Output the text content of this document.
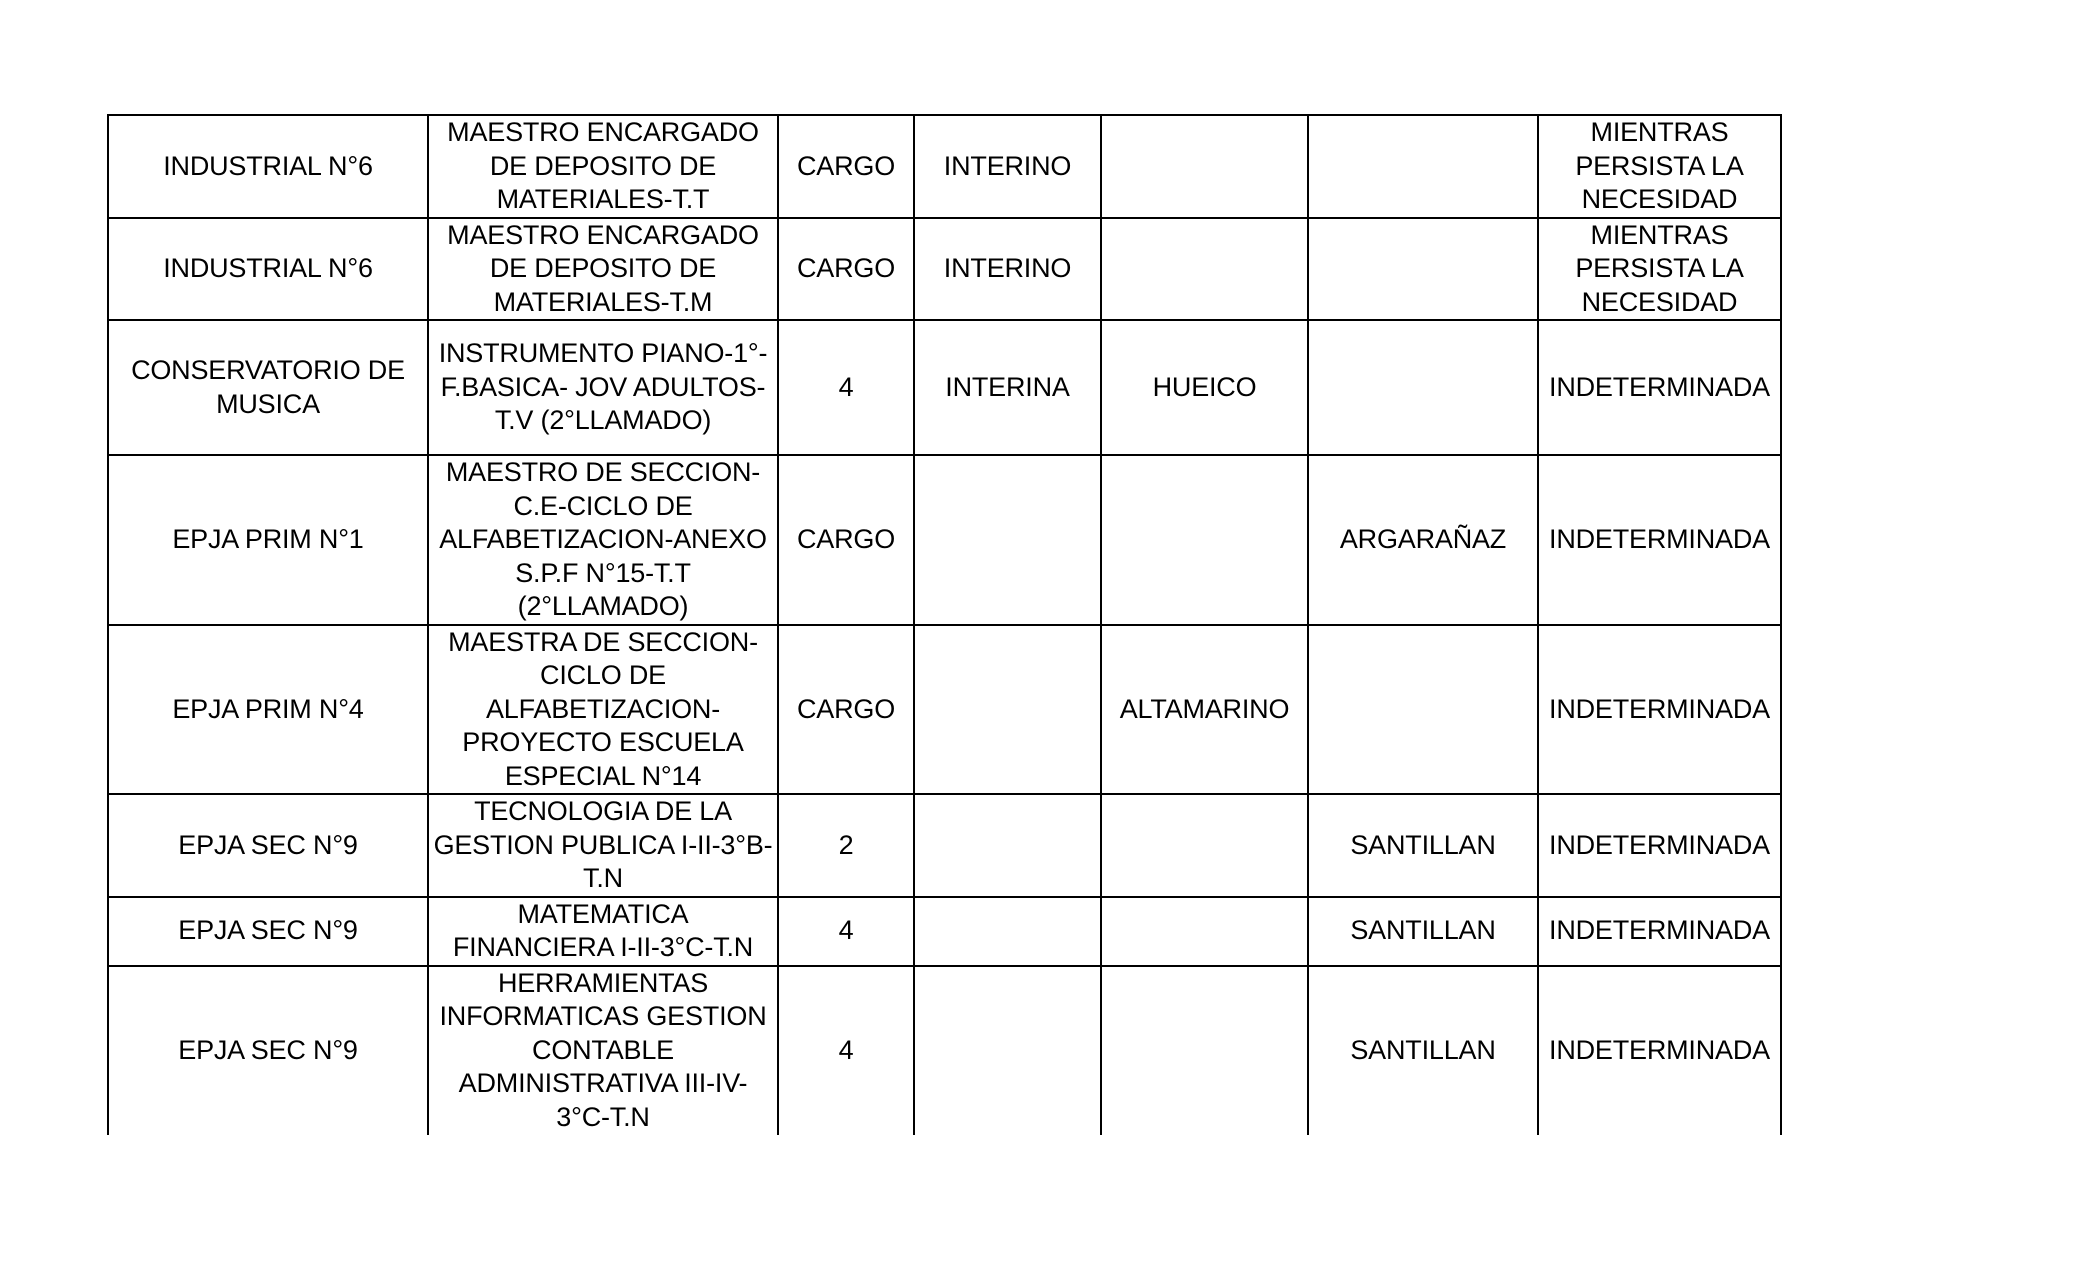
INDUSTRIAL N°6	MAESTRO ENCARGADO
DE DEPOSITO DE
MATERIALES-T.T	CARGO	INTERINO			MIENTRAS
PERSISTA LA
NECESIDAD
INDUSTRIAL N°6	MAESTRO ENCARGADO
DE DEPOSITO DE
MATERIALES-T.M	CARGO	INTERINO			MIENTRAS
PERSISTA LA
NECESIDAD
CONSERVATORIO DE
MUSICA	INSTRUMENTO PIANO-1°-
F.BASICA- JOV ADULTOS-
T.V (2°LLAMADO)	4	INTERINA	HUEICO		INDETERMINADA
EPJA PRIM N°1	MAESTRO DE SECCION-
C.E-CICLO DE
ALFABETIZACION-ANEXO
S.P.F N°15-T.T
(2°LLAMADO)	CARGO			ARGARAÑAZ	INDETERMINADA
EPJA PRIM N°4	MAESTRA DE SECCION-
CICLO DE
ALFABETIZACION-
PROYECTO ESCUELA
ESPECIAL N°14	CARGO		ALTAMARINO		INDETERMINADA
EPJA SEC N°9	TECNOLOGIA DE LA
GESTION PUBLICA I-II-3°B-
T.N	2			SANTILLAN	INDETERMINADA
EPJA SEC N°9	MATEMATICA
FINANCIERA I-II-3°C-T.N	4			SANTILLAN	INDETERMINADA
EPJA SEC N°9	HERRAMIENTAS
INFORMATICAS GESTION
CONTABLE
ADMINISTRATIVA III-IV-
3°C-T.N	4			SANTILLAN	INDETERMINADA
